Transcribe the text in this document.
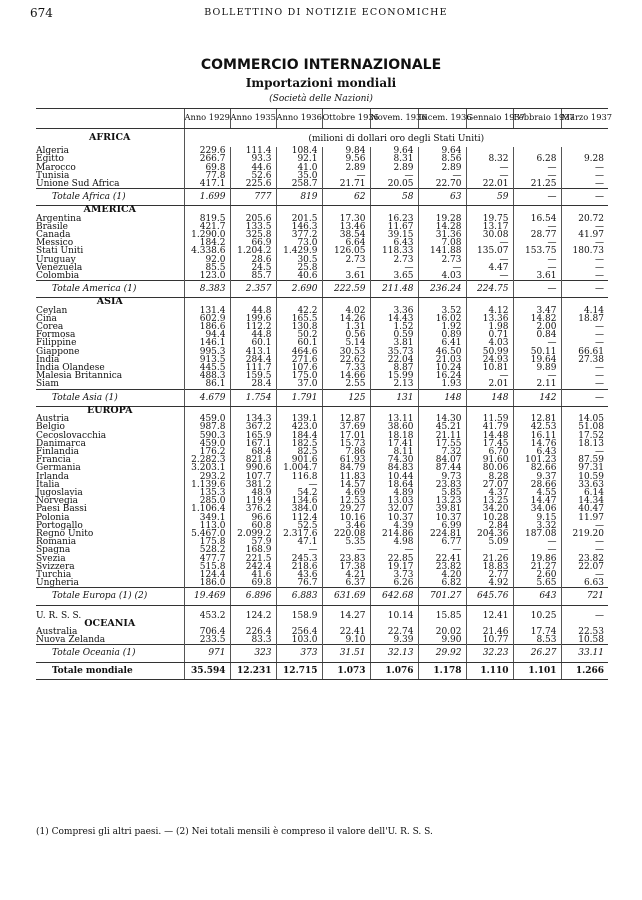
674	BOLLETTINO DI NOTIZIE ECONOMICHE
COMMERCIO INTERNAZIONALE
Importazioni mondiali
(Società delle Nazioni)
	Anno 1929	Anno 1935	Anno 1936	Ottobre 1936	Novem. 1936	Dicem. 1936	Gennaio 1937	Febbraio 1937	Marzo 1937
AFRICA	(milioni di dollari oro degli Stati Uniti)								
Algeria	229.6	111.4	108.4	9.84	9.64	9.64			
Egitto	266.7	93.3	92.1	9.56	8.31	8.56	8.32	6.28	9.28
Marocco	69.8	44.6	41.0	2.89	2.89	2.89	—	—	—
Tunisia	77.8	52.6	35.0	—	—	—	—	—	—
Unione Sud Africa	417.1	225.6	258.7	21.71	20.05	22.70	22.01	21.25	—
Totale Africa (1)	1.699	777	819	62	58	63	59	—	—
AMERICA									
Argentina	819.5	205.6	201.5	17.30	16.23	19.28	19.75	16.54	20.72
Brasile	421.7	133.5	146.3	13.46	11.67	14.28	13.17	—	—
Canada	1.290.0	325.8	377.2	38.54	39.15	31.36	30.08	28.77	41.97
Messico	184.2	66.9	73.0	6.64	6.43	7.08	—	—	—
Stati Uniti	4.338.6	1.204.2	1.429.9	126.05	118.33	141.88	135.07	153.75	180.73
Uruguay	92.0	28.6	30.5	2.73	2.73	2.73	—	—	—
Venezuela	85.5	24.5	25.8	—	—	—	4.47	—	—
Colombia	123.0	85.7	40.6	3.61	3.65	4.03	—	3.61	—
Totale America (1)	8.383	2.357	2.690	222.59	211.48	236.24	224.75	—	—
ASIA									
Ceylan	131.4	44.8	42.2	4.02	3.36	3.52	4.12	3.47	4.14
Cina	602.9	199.6	165.5	14.26	14.43	16.02	13.36	14.82	18.87
Corea	186.6	112.2	130.8	1.31	1.52	1.92	1.98	2.00	—
Formosa	94.4	44.8	50.2	0.56	0.59	0.89	0.71	0.84	—
Filippine	146.1	60.1	60.1	5.14	3.81	6.41	4.03	—	—
Giappone	995.3	413.1	464.6	30.53	35.73	46.50	50.99	50.11	66.61
India	913.5	284.4	271.6	22.62	22.04	21.03	24.93	19.64	27.38
India Olandese	445.5	111.7	107.6	7.33	8.87	10.24	10.81	9.89	—
Malesia Britannica	488.3	159.5	175.0	14.66	15.99	16.24	—	—	—
Siam	86.1	28.4	37.0	2.55	2.13	1.93	2.01	2.11	—
Totale Asia (1)	4.679	1.754	1.791	125	131	148	148	142	—
EUROPA									
Austria	459.0	134.3	139.1	12.87	13.11	14.30	11.59	12.81	14.05
Belgio	987.8	367.2	423.0	37.69	38.60	45.21	41.79	42.53	51.08
Cecoslovacchia	590.3	165.9	184.4	17.01	18.18	21.11	14.48	16.11	17.52
Danimarca	459.0	167.1	182.5	15.73	17.41	17.55	17.45	14.76	18.13
Finlandia	176.2	68.4	82.5	7.86	8.11	7.32	6.70	6.43	—
Francia	2.282.3	821.8	901.6	61.93	74.30	84.07	91.60	101.23	87.59
Germania	3.203.1	990.6	1.004.7	84.79	84.83	87.44	80.06	82.66	97.31
Irlanda	293.2	107.7	116.8	11.83	10.44	9.73	8.28	9.37	10.59
Italia	1.139.6	381.2	—	14.57	18.64	23.83	27.07	28.66	33.63
Jugoslavia	135.3	48.9	54.2	4.69	4.89	5.85	4.37	4.55	6.14
Norvegia	285.0	119.4	134.6	12.53	13.03	13.23	13.25	14.47	14.34
Paesi Bassi	1.106.4	376.2	384.0	29.27	32.07	39.81	34.20	34.06	40.47
Polonia	349.1	96.6	112.4	10.16	10.37	10.37	10.28	9.15	11.97
Portogallo	113.0	60.8	52.5	3.46	4.39	6.99	2.84	3.32	—
Regno Unito	5.467.0	2.099.2	2.317.6	220.08	214.86	224.81	204.36	187.08	219.20
Romania	175.8	57.9	47.1	5.35	4.98	6.77	5.09	—	—
Spagna	528.2	168.9	—	—	—	—	—	—	—
Svezia	477.7	221.5	245.3	23.83	22.85	22.41	21.26	19.86	23.82
Svizzera	515.8	242.4	218.6	17.38	19.17	23.82	18.83	21.27	22.07
Turchia	124.4	41.6	43.6	4.21	3.73	4.20	2.77	2.60	—
Ungheria	186.0	69.8	76.7	6.37	6.26	6.82	4.92	5.65	6.63
Totale Europa (1) (2)	19.469	6.896	6.883	631.69	642.68	701.27	645.76	643	721

U. R. S. S.	453.2	124.2	158.9	14.27	10.14	15.85	12.41	10.25	—
OCEANIA									
Australia	706.4	226.4	256.4	22.41	22.74	20.02	21.46	17.74	22.53
Nuova Zelanda	233.5	83.3	103.0	9.10	9.39	9.90	10.77	8.53	10.58
Totale Oceania (1)	971	323	373	31.51	32.13	29.92	32.23	26.27	33.11
Totale mondiale	35.594	12.231	12.715	1.073	1.076	1.178	1.110	1.101	1.266
(1) Compresi gli altri paesi. — (2) Nei totali mensili è compreso il valore dell'U. R. S. S.
